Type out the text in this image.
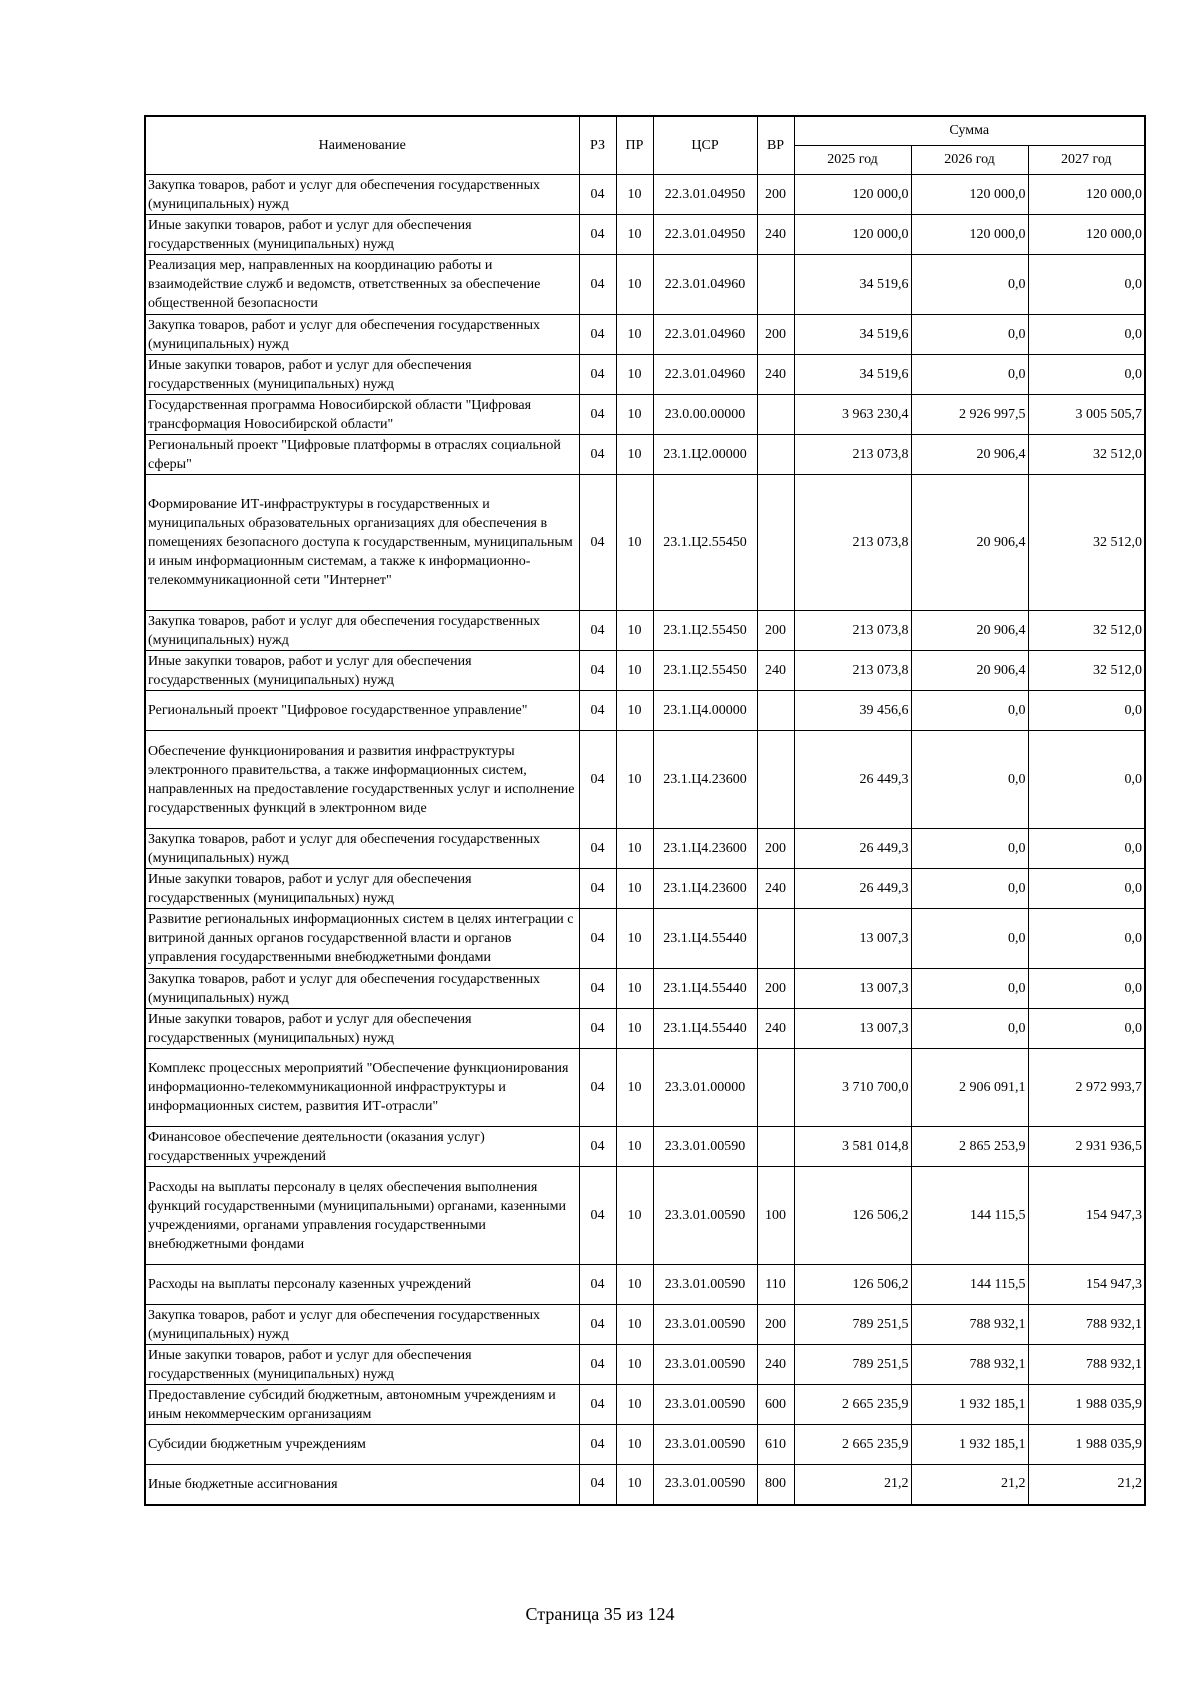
Наименование	РЗ	ПР	ЦСР	ВР	Сумма		
					2025 год	2026 год	2027 год
Закупка товаров, работ и услуг для обеспечения государственных (муниципальных) нужд	04	10	22.3.01.04950	200	120 000,0	120 000,0	120 000,0
Иные закупки товаров, работ и услуг для обеспечения государственных (муниципальных) нужд	04	10	22.3.01.04950	240	120 000,0	120 000,0	120 000,0
Реализация мер, направленных на координацию работы и взаимодействие служб и ведомств, ответственных за обеспечение общественной безопасности	04	10	22.3.01.04960		34 519,6	0,0	0,0
Закупка товаров, работ и услуг для обеспечения государственных (муниципальных) нужд	04	10	22.3.01.04960	200	34 519,6	0,0	0,0
Иные закупки товаров, работ и услуг для обеспечения государственных (муниципальных) нужд	04	10	22.3.01.04960	240	34 519,6	0,0	0,0
Государственная программа Новосибирской области "Цифровая трансформация Новосибирской области"	04	10	23.0.00.00000		3 963 230,4	2 926 997,5	3 005 505,7
Региональный проект "Цифровые платформы в отраслях социальной сферы"	04	10	23.1.Ц2.00000		213 073,8	20 906,4	32 512,0
Формирование ИТ-инфраструктуры в государственных и муниципальных образовательных организациях для обеспечения в помещениях безопасного доступа к государственным, муниципальным и иным информационным системам, а также к информационно-телекоммуникационной сети "Интернет"	04	10	23.1.Ц2.55450		213 073,8	20 906,4	32 512,0
Закупка товаров, работ и услуг для обеспечения государственных (муниципальных) нужд	04	10	23.1.Ц2.55450	200	213 073,8	20 906,4	32 512,0
Иные закупки товаров, работ и услуг для обеспечения государственных (муниципальных) нужд	04	10	23.1.Ц2.55450	240	213 073,8	20 906,4	32 512,0
Региональный проект "Цифровое государственное управление"	04	10	23.1.Ц4.00000		39 456,6	0,0	0,0
Обеспечение функционирования и развития инфраструктуры электронного правительства, а также информационных систем, направленных на предоставление государственных услуг и исполнение государственных функций в электронном виде	04	10	23.1.Ц4.23600		26 449,3	0,0	0,0
Закупка товаров, работ и услуг для обеспечения государственных (муниципальных) нужд	04	10	23.1.Ц4.23600	200	26 449,3	0,0	0,0
Иные закупки товаров, работ и услуг для обеспечения государственных (муниципальных) нужд	04	10	23.1.Ц4.23600	240	26 449,3	0,0	0,0
Развитие региональных информационных систем в целях интеграции с витриной данных органов государственной власти и органов управления государственными внебюджетными фондами	04	10	23.1.Ц4.55440		13 007,3	0,0	0,0
Закупка товаров, работ и услуг для обеспечения государственных (муниципальных) нужд	04	10	23.1.Ц4.55440	200	13 007,3	0,0	0,0
Иные закупки товаров, работ и услуг для обеспечения государственных (муниципальных) нужд	04	10	23.1.Ц4.55440	240	13 007,3	0,0	0,0
Комплекс процессных мероприятий "Обеспечение функционирования информационно-телекоммуникационной инфраструктуры и информационных систем, развития ИТ-отрасли"	04	10	23.3.01.00000		3 710 700,0	2 906 091,1	2 972 993,7
Финансовое обеспечение деятельности (оказания услуг) государственных учреждений	04	10	23.3.01.00590		3 581 014,8	2 865 253,9	2 931 936,5
Расходы на выплаты персоналу в целях обеспечения выполнения функций государственными (муниципальными) органами, казенными учреждениями, органами управления государственными внебюджетными фондами	04	10	23.3.01.00590	100	126 506,2	144 115,5	154 947,3
Расходы на выплаты персоналу казенных учреждений	04	10	23.3.01.00590	110	126 506,2	144 115,5	154 947,3
Закупка товаров, работ и услуг для обеспечения государственных (муниципальных) нужд	04	10	23.3.01.00590	200	789 251,5	788 932,1	788 932,1
Иные закупки товаров, работ и услуг для обеспечения государственных (муниципальных) нужд	04	10	23.3.01.00590	240	789 251,5	788 932,1	788 932,1
Предоставление субсидий бюджетным, автономным учреждениям и иным некоммерческим организациям	04	10	23.3.01.00590	600	2 665 235,9	1 932 185,1	1 988 035,9
Субсидии бюджетным учреждениям	04	10	23.3.01.00590	610	2 665 235,9	1 932 185,1	1 988 035,9
Иные бюджетные ассигнования	04	10	23.3.01.00590	800	21,2	21,2	21,2
Страница 35 из 124
